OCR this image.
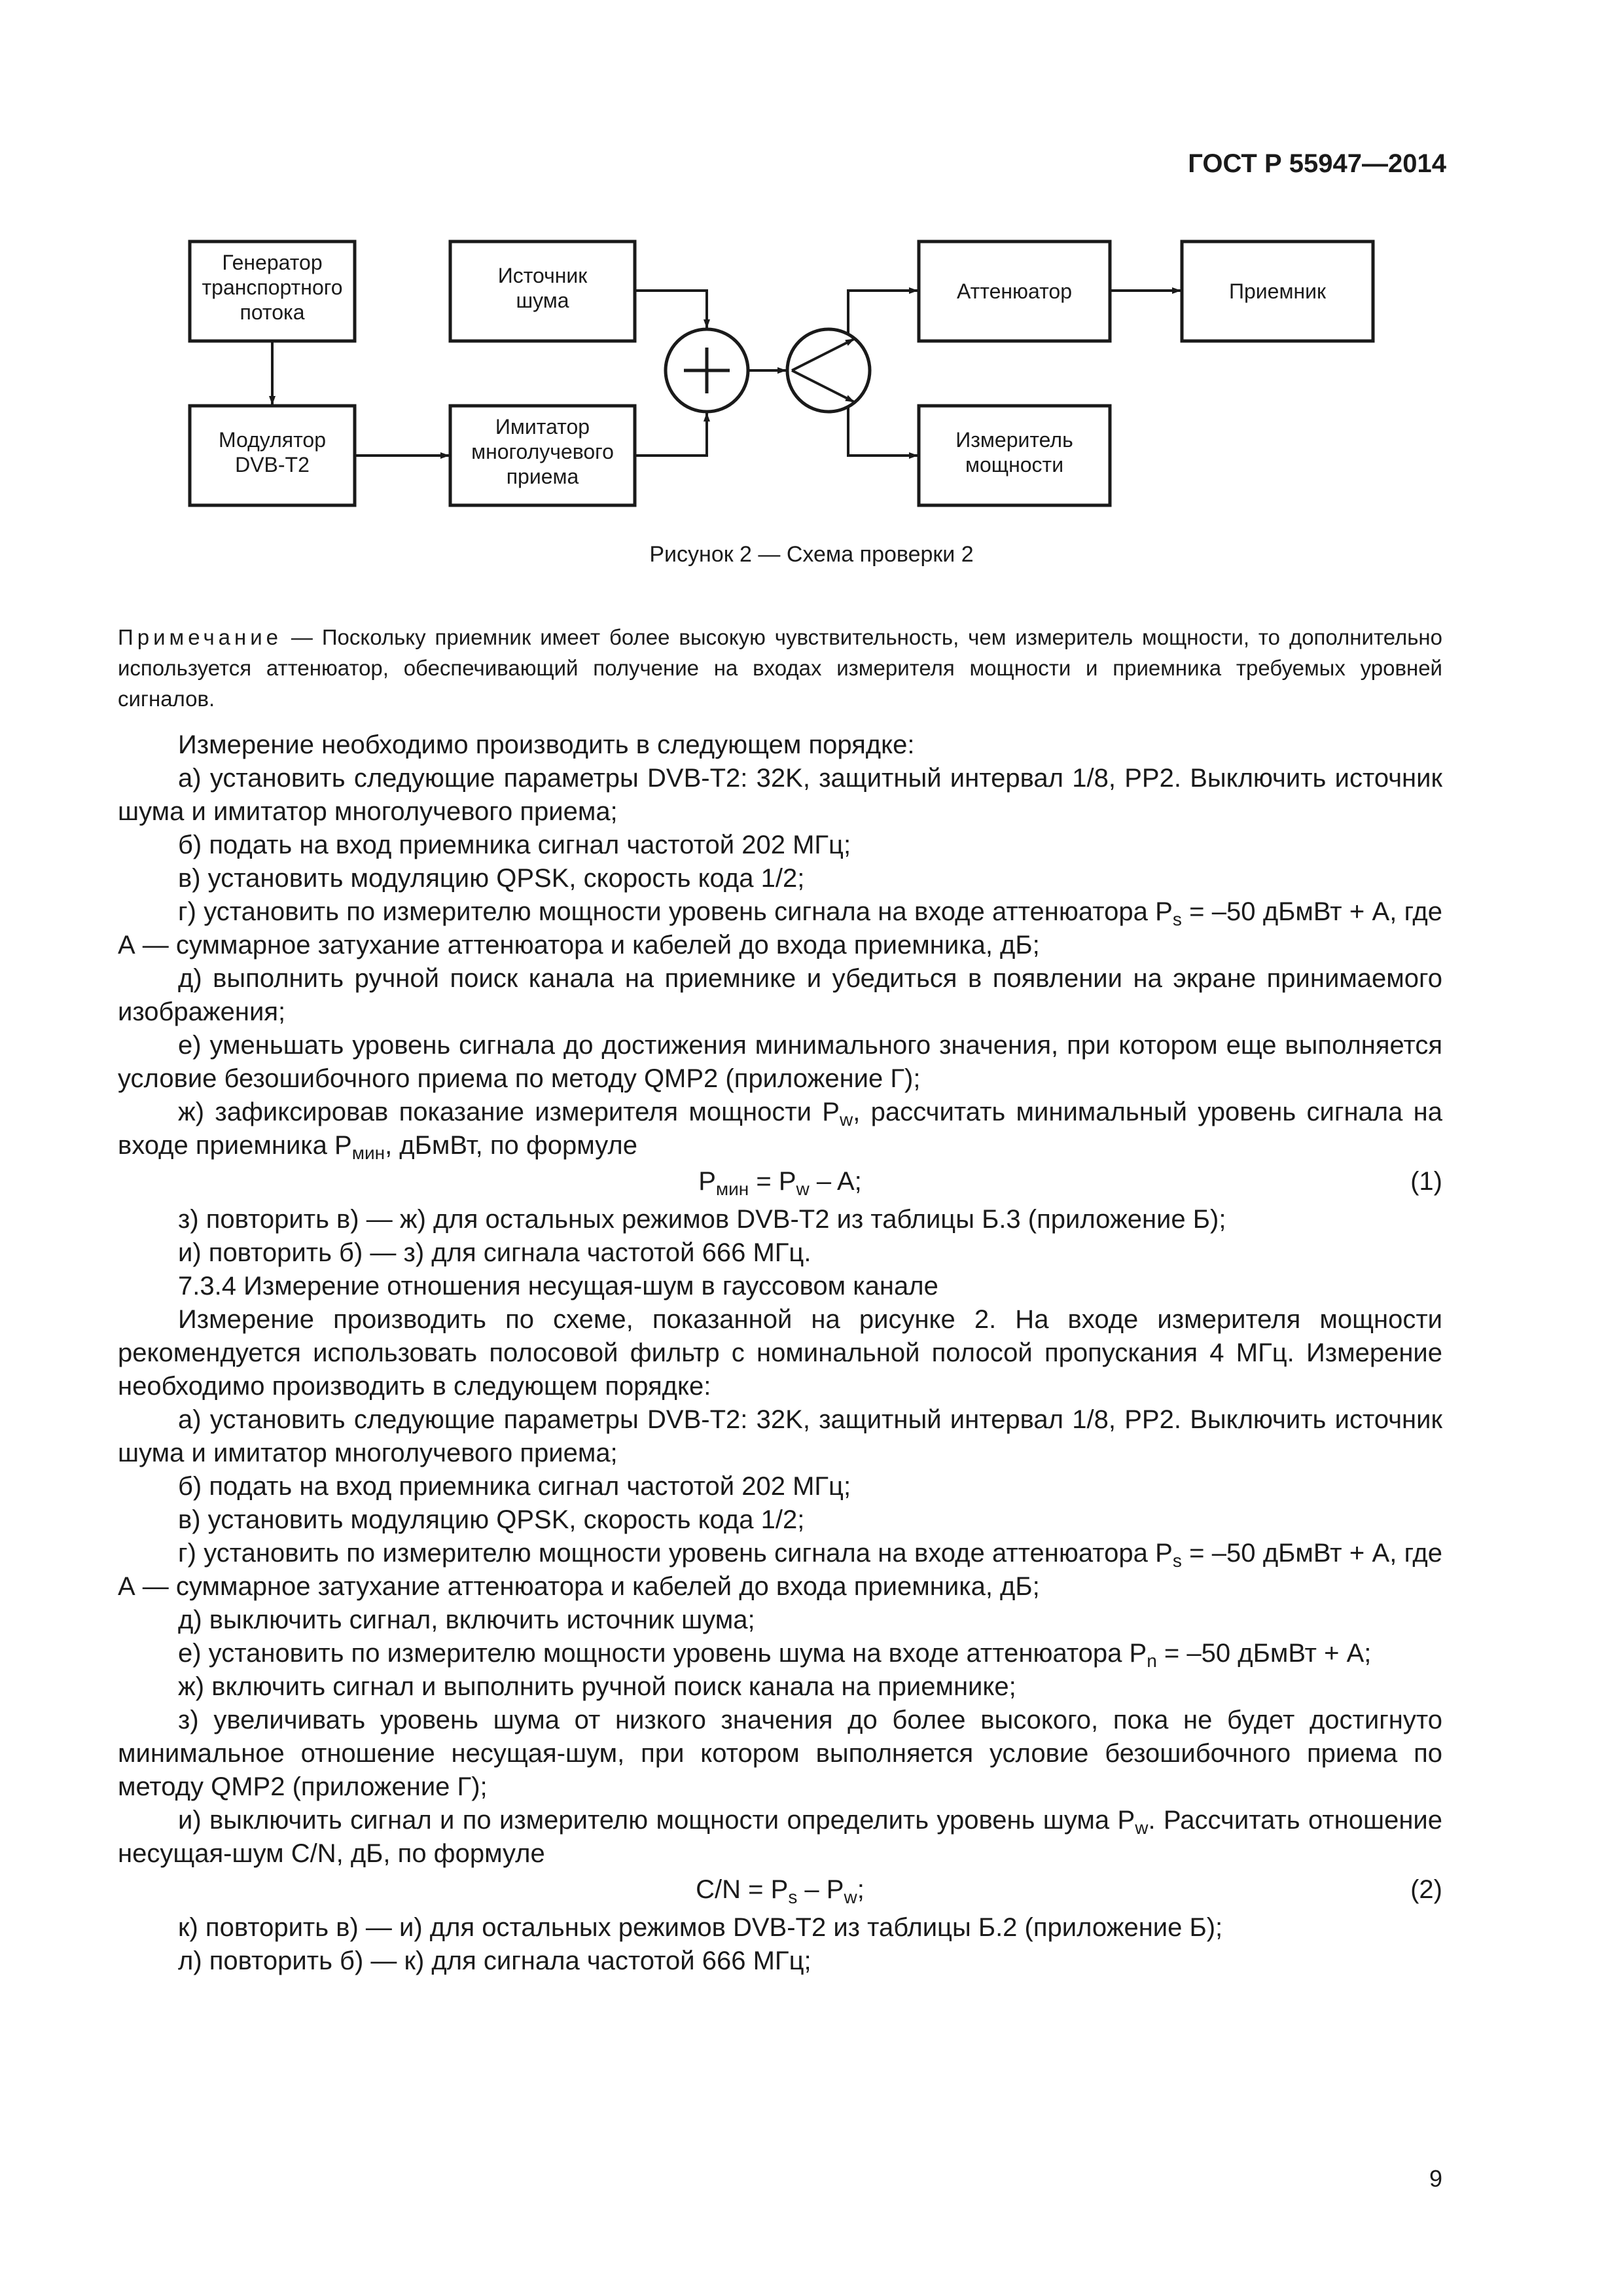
ГОСТ Р 55947—2014
Генератор
транспортного
потока
Источник
шума	Аттенюатор	Приемник
Модулятор
DVB-T2
Имитатор
многолучевого
приема
Измеритель
мощности
Рисунок 2 — Схема проверки 2
Примечание — Поскольку приемник имеет более высокую чувствительность, чем измеритель мощности, то дополнительно используется аттенюатор, обеспечивающий получение на входах измерителя мощности и приемника требуемых уровней сигналов.

Измерение необходимо производить в следующем порядке:

а) установить следующие параметры DVB-T2: 32K, защитный интервал 1/8, PP2. Выключить источник шума и имитатор многолучевого приема;

б) подать на вход приемника сигнал частотой 202 МГц;

в) установить модуляцию QPSK, скорость кода 1/2;

г) установить по измерителю мощности уровень сигнала на входе аттенюатора $P_s = -50$ дБмВт + А, где А — суммарное затухание аттенюатора и кабелей до входа приемника, дБ;

д) выполнить ручной поиск канала на приемнике и убедиться в появлении на экране принимаемого изображения;

е) уменьшать уровень сигнала до достижения минимального значения, при котором еще выполняется условие безошибочного приема по методу QMP2 (приложение Г);

ж) зафиксировав показание измерителя мощности $P_w$, рассчитать минимальный уровень сигнала на входе приемника $P_{мин}$, дБмВт, по формуле

$P_{мин} = P_w - A$;	(1)

з) повторить в) — ж) для остальных режимов DVB-T2 из таблицы Б.3 (приложение Б);

и) повторить б) — з) для сигнала частотой 666 МГц.

7.3.4 Измерение отношения несущая-шум в гауссовом канале

Измерение производить по схеме, показанной на рисунке 2. На входе измерителя мощности рекомендуется использовать полосовой фильтр с номинальной полосой пропускания 4 МГц. Измерение необходимо производить в следующем порядке:

а) установить следующие параметры DVB-T2: 32K, защитный интервал 1/8, PP2. Выключить источник шума и имитатор многолучевого приема;

б) подать на вход приемника сигнал частотой 202 МГц;

в) установить модуляцию QPSK, скорость кода 1/2;

г) установить по измерителю мощности уровень сигнала на входе аттенюатора $P_s = -50$ дБмВт + А, где А — суммарное затухание аттенюатора и кабелей до входа приемника, дБ;

д) выключить сигнал, включить источник шума;

е) установить по измерителю мощности уровень шума на входе аттенюатора $P_n = -50$ дБмВт + А;

ж) включить сигнал и выполнить ручной поиск канала на приемнике;

з) увеличивать уровень шума от низкого значения до более высокого, пока не будет достигнуто минимальное отношение несущая-шум, при котором выполняется условие безошибочного приема по методу QMP2 (приложение Г);

и) выключить сигнал и по измерителю мощности определить уровень шума $P_w$. Рассчитать отношение несущая-шум C/N, дБ, по формуле

$C/N = P_s - P_w$;	(2)

к) повторить в) — и) для остальных режимов DVB-T2 из таблицы Б.2 (приложение Б);

л) повторить б) — к) для сигнала частотой 666 МГц;

9
